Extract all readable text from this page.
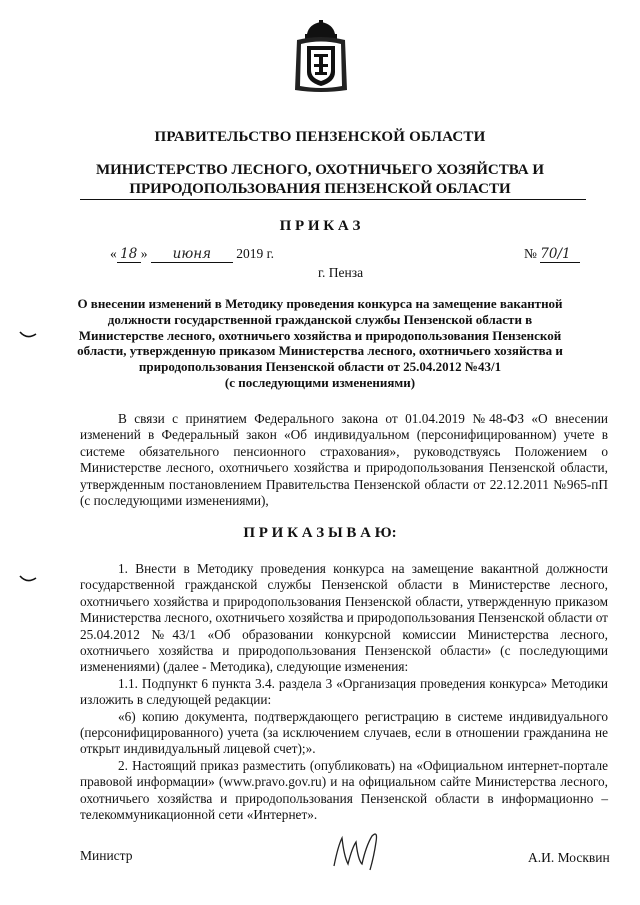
ПРАВИТЕЛЬСТВО ПЕНЗЕНСКОЙ ОБЛАСТИ
МИНИСТЕРСТВО ЛЕСНОГО, ОХОТНИЧЬЕГО ХОЗЯЙСТВА И
ПРИРОДОПОЛЬЗОВАНИЯ ПЕНЗЕНСКОЙ ОБЛАСТИ
П Р И К А З
« 18 » июня 2019 г.	№ 70/1
г. Пенза
О внесении изменений в Методику проведения конкурса на замещение вакантной
должности государственной гражданской службы Пензенской области в
Министерстве лесного, охотничьего хозяйства и природопользования Пензенской
области, утвержденную приказом Министерства лесного, охотничьего хозяйства и
природопользования Пензенской области от 25.04.2012 №43/1
(с последующими изменениями)

В связи с принятием Федерального закона от 01.04.2019 №48-ФЗ «О внесении изменений в Федеральный закон «Об индивидуальном (персонифицированном) учете в системе обязательного пенсионного страхования», руководствуясь Положением о Министерстве лесного, охотничьего хозяйства и природопользования Пензенской области, утвержденным постановлением Правительства Пензенской области от 22.12.2011 №965-пП (с последующими изменениями),

П Р И К А З Ы В А Ю:

1. Внести в Методику проведения конкурса на замещение вакантной должности государственной гражданской службы Пензенской области в Министерстве лесного, охотничьего хозяйства и природопользования Пензенской области, утвержденную приказом Министерства лесного, охотничьего хозяйства и природопользования Пензенской области от 25.04.2012 №43/1 «Об образовании конкурсной комиссии Министерства лесного, охотничьего хозяйства и природопользования Пензенской области» (с последующими изменениями) (далее - Методика), следующие изменения:

1.1. Подпункт 6 пункта 3.4. раздела 3 «Организация проведения конкурса» Методики изложить в следующей редакции:

«6) копию документа, подтверждающего регистрацию в системе индивидуального (персонифицированного) учета (за исключением случаев, если в отношении гражданина не открыт индивидуальный лицевой счет);».

2. Настоящий приказ разместить (опубликовать) на «Официальном интернет-портале правовой информации» (www.pravo.gov.ru) и на официальном сайте Министерства лесного, охотничьего хозяйства и природопользования Пензенской области в информационно – телекоммуникационной сети «Интернет».

Министр	А.И. Москвин
